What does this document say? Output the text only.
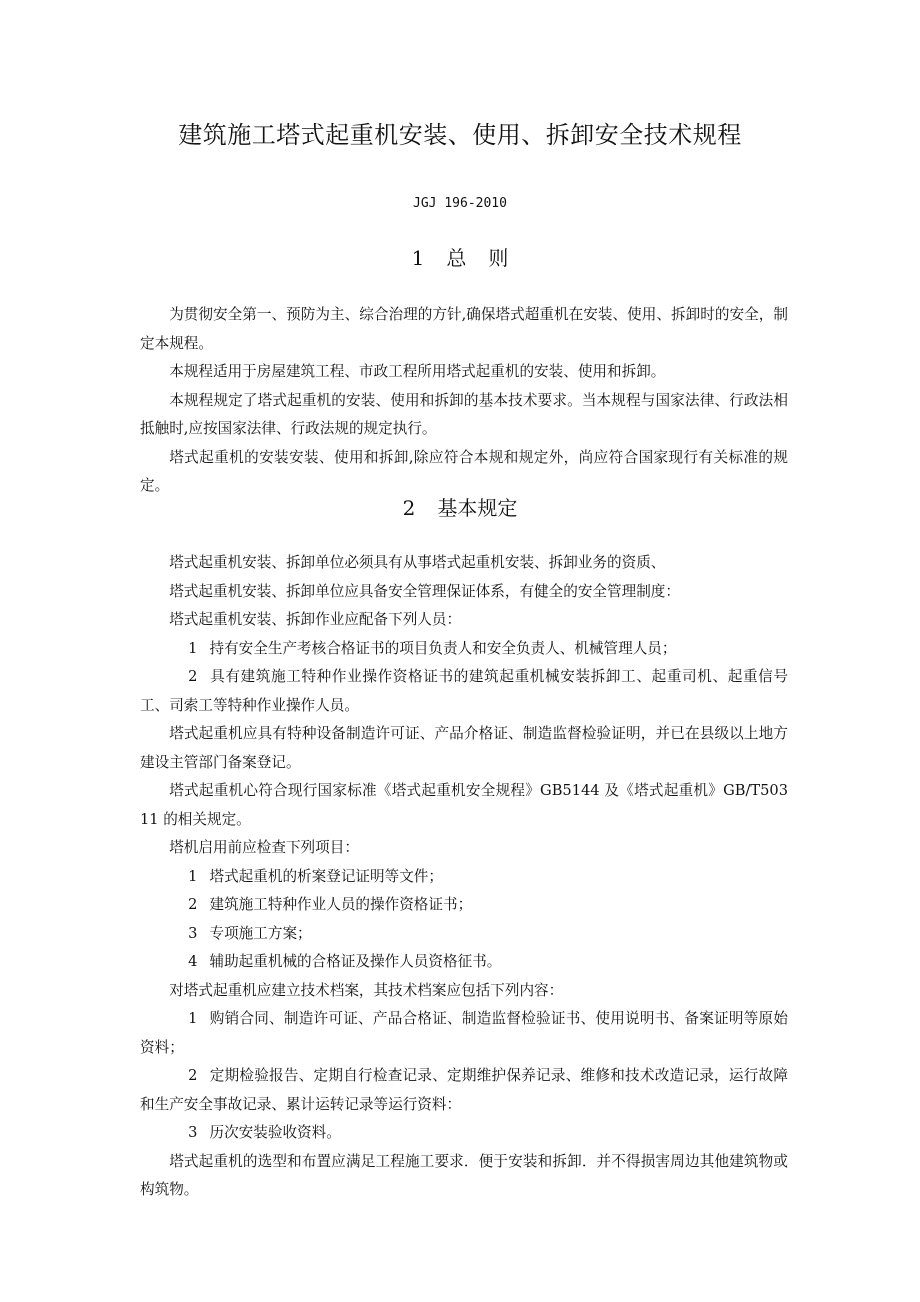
建筑施工塔式起重机安装、使用、拆卸安全技术规程
JGJ 196-2010
1 总 则

为贯彻安全第一、预防为主、综合治理的方针,确保塔式超重机在安装、使用、拆卸时的安全，制定本规程。

本规程适用于房屋建筑工程、市政工程所用塔式起重机的安装、使用和拆卸。

本规程规定了塔式起重机的安装、使用和拆卸的基本技术要求。当本规程与国家法律、行政法相抵触时,应按国家法律、行政法规的规定执行。

塔式起重机的安装安装、使用和拆卸,除应符合本规和规定外，尚应符合国家现行有关标准的规定。

2 基本规定

塔式起重机安装、拆卸单位必须具有从事塔式起重机安装、拆卸业务的资质、

塔式起重机安装、拆卸单位应具备安全管理保证体系，有健全的安全管理制度：

塔式起重机安装、拆卸作业应配备下列人员：

1 持有安全生产考核合格证书的项目负责人和安全负责人、机械管理人员；

2 具有建筑施工特种作业操作资格证书的建筑起重机械安装拆卸工、起重司机、起重信号工、司索工等特种作业操作人员。

塔式起重机应具有特种设备制造许可证、产品介格证、制造监督检验证明，并已在县级以上地方建设主管部门备案登记。

塔式起重机心符合现行国家标准《塔式起重机安全规程》GB5144 及《塔式起重机》GB/T50311 的相关规定。

塔机启用前应检查下列项目：

1 塔式起重机的析案登记证明等文件；

2 建筑施工特种作业人员的操作资格证书；

3 专项施工方案；

4 辅助起重机械的合格证及操作人员资格征书。

对塔式起重机应建立技术档案，其技术档案应包括下列内容：

1 购销合同、制造许可证、产品合格证、制造监督检验证书、使用说明书、备案证明等原始资料；

2 定期检验报告、定期自行检查记录、定期维护保养记录、维修和技术改造记录，运行故障和生产安全事故记录、累计运转记录等运行资料：

3 历次安装验收资料。

塔式起重机的选型和布置应满足工程施工要求．便于安装和拆卸．并不得损害周边其他建筑物或构筑物。
